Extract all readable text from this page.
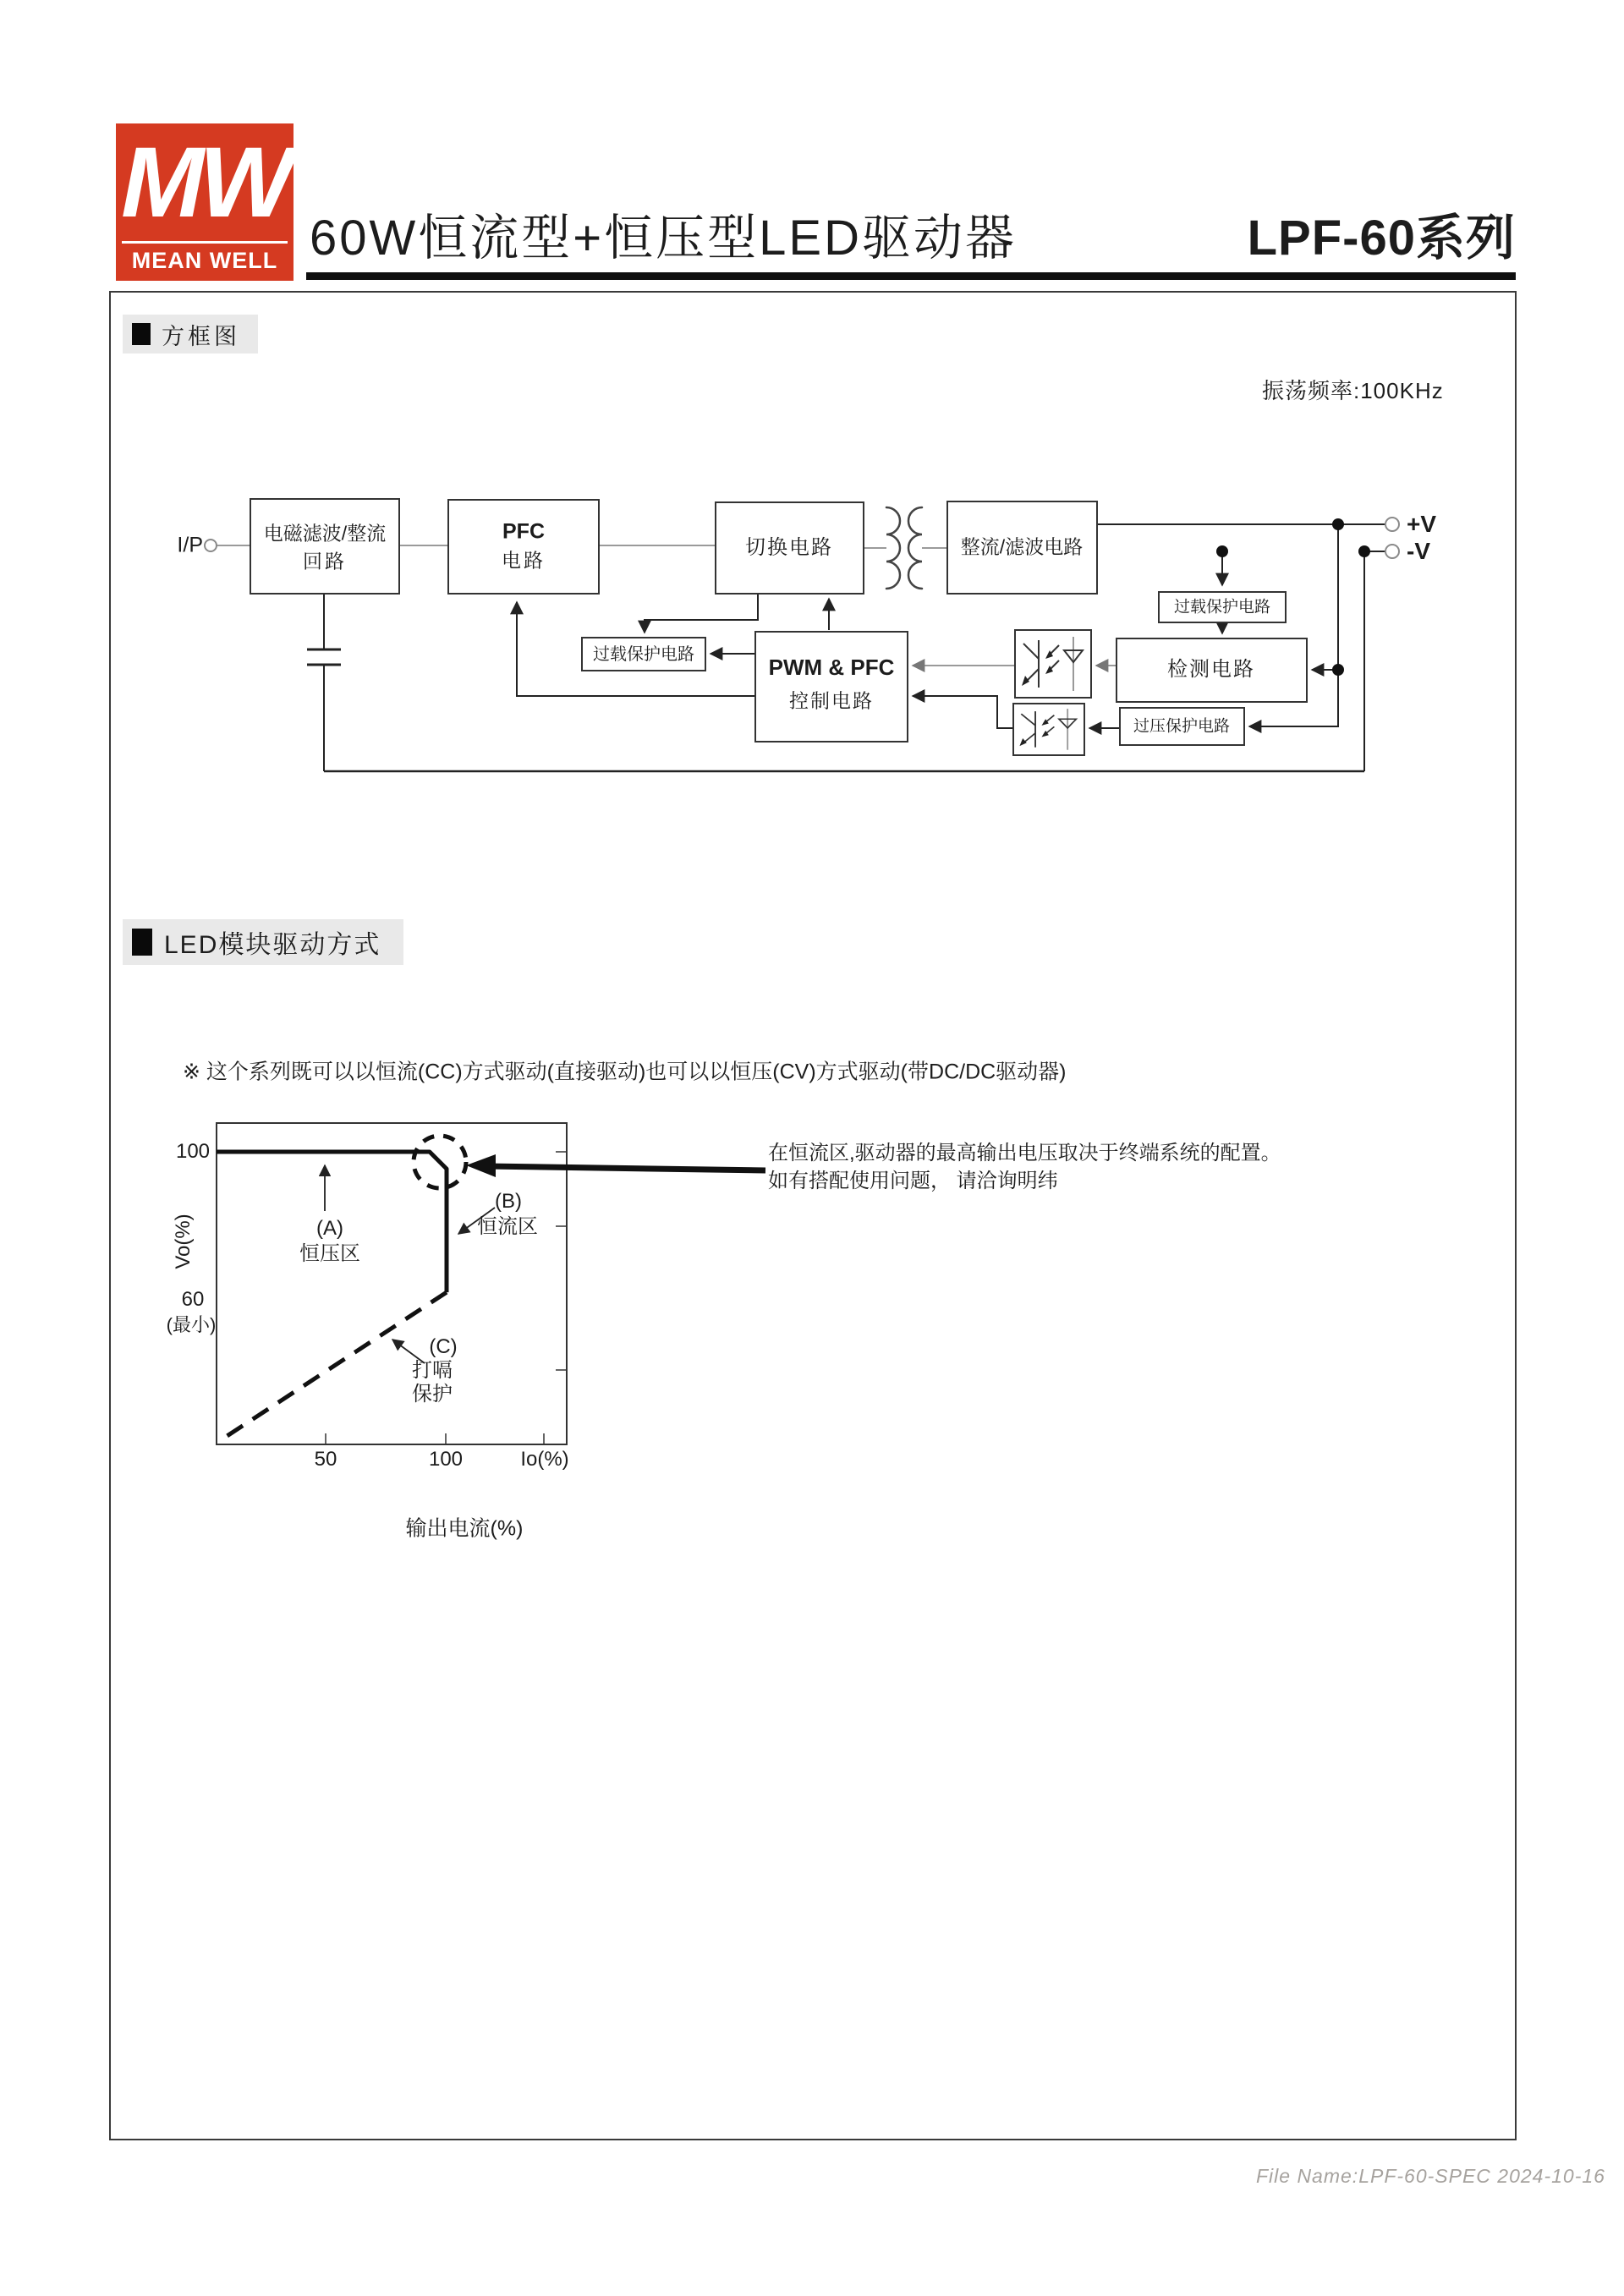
MW
MEAN WELL 60W恒流型+恒压型LED驱动器	LPF-60系列
方框图
振荡频率:100KHz
I/P	电磁滤波/整流
回路
PFC
电路
切换电路	整流/滤波电路
过载保护电路	PWM & PFC
控制电路
过载保护电路
检测电路
过压保护电路
+V
-V
LED模块驱动方式
※ 这个系列既可以以恒流(CC)方式驱动(直接驱动)也可以以恒压(CV)方式驱动(带DC/DC驱动器)
100
60
(最小)
Vo(%)	(A)
恒压区
(B)
恒流区
(C)
打嗝
保护
50	100	Io(%)
在恒流区,驱动器的最高输出电压取决于终端系统的配置。
如有搭配使用问题， 请洽询明纬
输出电流(%)
File Name:LPF-60-SPEC 2024-10-16
